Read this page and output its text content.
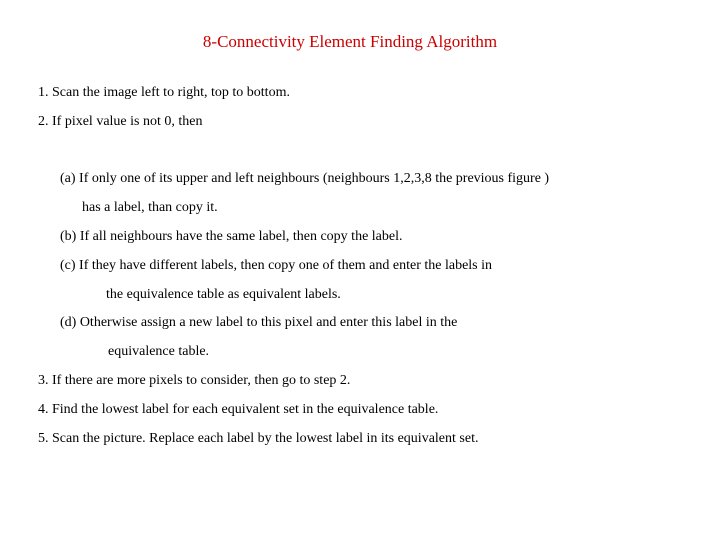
8-Connectivity Element Finding Algorithm
1. Scan the image left to right, top to bottom.
2. If pixel value is not 0, then
(a) If only one of its upper and left neighbours (neighbours 1,2,3,8 the previous figure )
has a label, than copy it.
(b) If all neighbours have the same label, then copy the label.
(c) If they have different labels, then copy one of them and enter the labels in
the equivalence table as equivalent labels.
(d) Otherwise assign a new label to this pixel and enter this label in the
equivalence table.
3. If there are more pixels to consider, then go to step 2.
4. Find the lowest label for each equivalent set in the equivalence table.
5. Scan the picture. Replace each label by the lowest label in its equivalent set.
